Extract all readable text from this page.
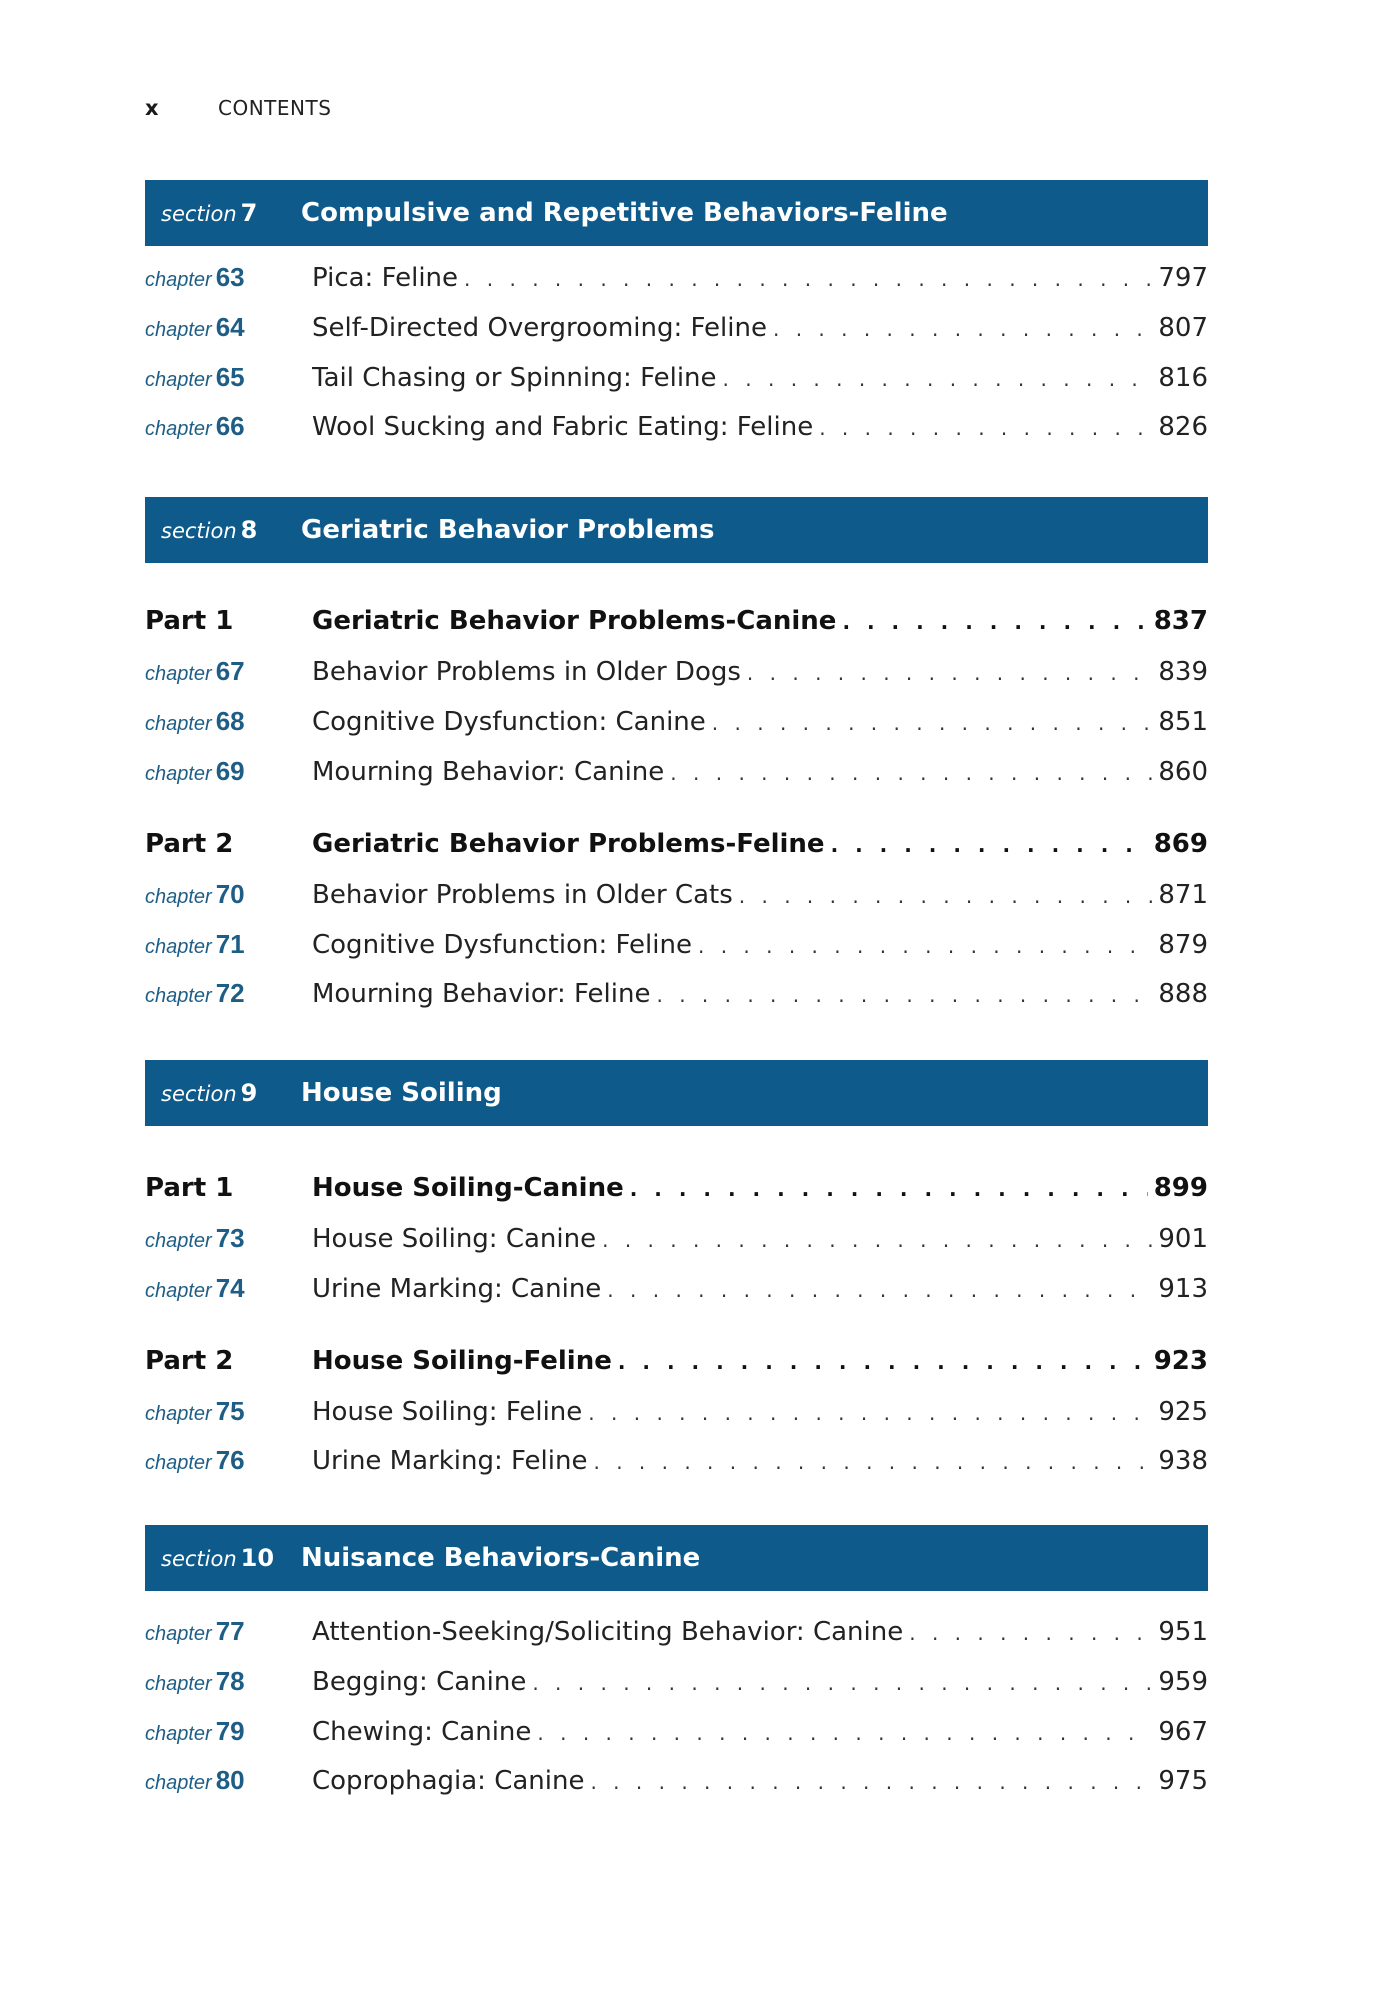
x	CONTENTS
section 7	Compulsive and Repetitive Behaviors-Feline
chapter 63	Pica: Feline . . .	797
chapter 64	Self-Directed Overgrooming: Feline . . .	807
chapter 65	Tail Chasing or Spinning: Feline . . .	816
chapter 66	Wool Sucking and Fabric Eating: Feline . . .	826
section 8	Geriatric Behavior Problems
Part 1	Geriatric Behavior Problems-Canine . . .	837
chapter 67	Behavior Problems in Older Dogs . . .	839
chapter 68	Cognitive Dysfunction: Canine . . .	851
chapter 69	Mourning Behavior: Canine . . .	860
Part 2	Geriatric Behavior Problems-Feline . . .	869
chapter 70	Behavior Problems in Older Cats . . .	871
chapter 71	Cognitive Dysfunction: Feline . . .	879
chapter 72	Mourning Behavior: Feline . . .	888
section 9	House Soiling
Part 1	House Soiling-Canine . . .	899
chapter 73	House Soiling: Canine . . .	901
chapter 74	Urine Marking: Canine . . .	913
Part 2	House Soiling-Feline . . .	923
chapter 75	House Soiling: Feline . . .	925
chapter 76	Urine Marking: Feline . . .	938
section 10	Nuisance Behaviors-Canine
chapter 77	Attention-Seeking/Soliciting Behavior: Canine . . .	951
chapter 78	Begging: Canine . . .	959
chapter 79	Chewing: Canine . . .	967
chapter 80	Coprophagia: Canine . . .	975
